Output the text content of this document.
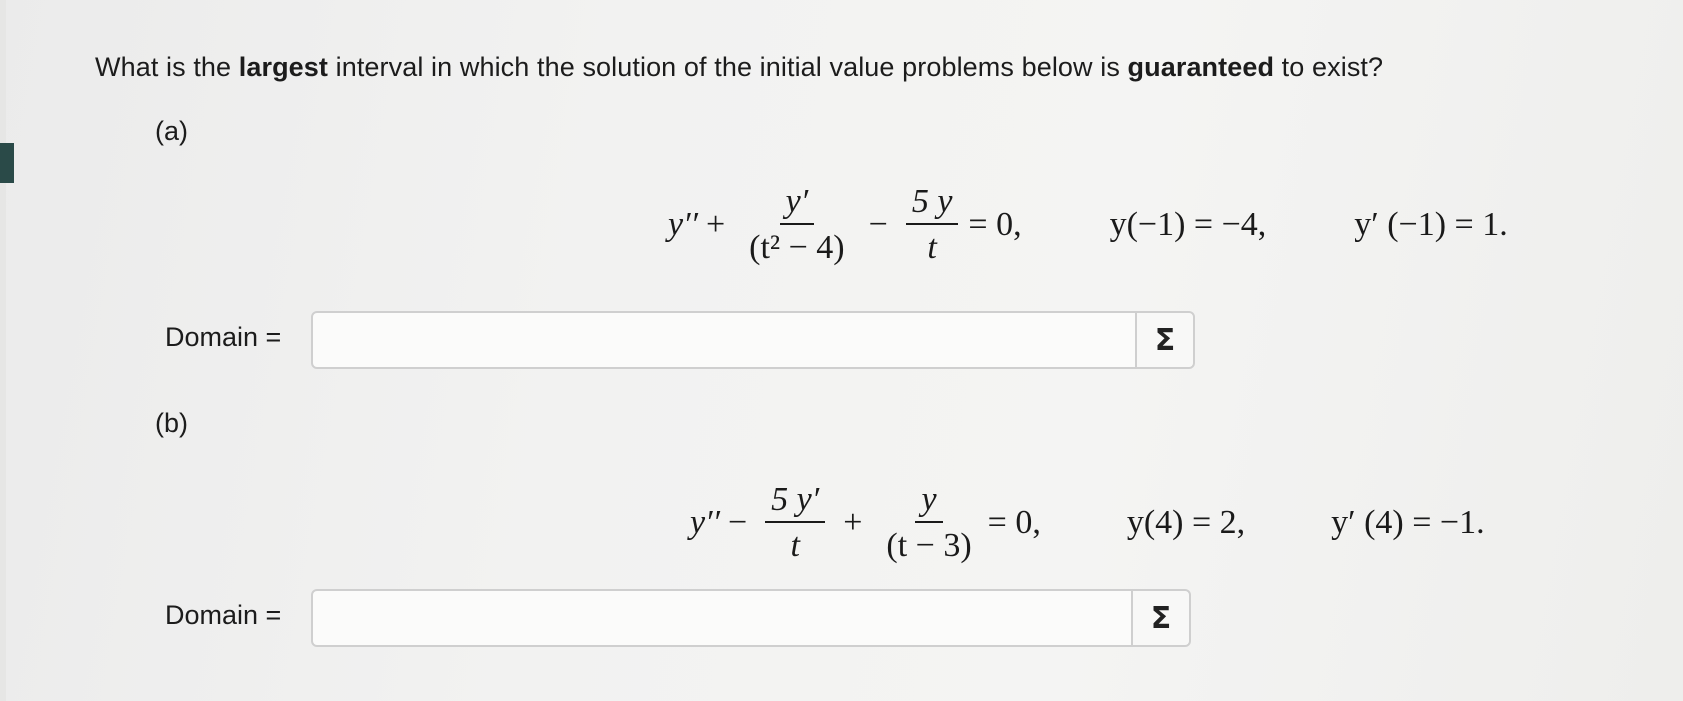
What is the largest interval in which the solution of the initial value problems below is guaranteed to exist?
(a)
$y'' + \frac{y'}{\text{(t² − 4)}} - \frac{5 y}{t} = 0$,	y(−1) = −4,	y′ (−1) = 1.
Domain =	Σ
(b)
$y'' - \frac{5 y'}{t} + \frac{y}{(t - 3)} = 0$,	y(4) = 2,	y′ (4) = −1.
Domain =	Σ
